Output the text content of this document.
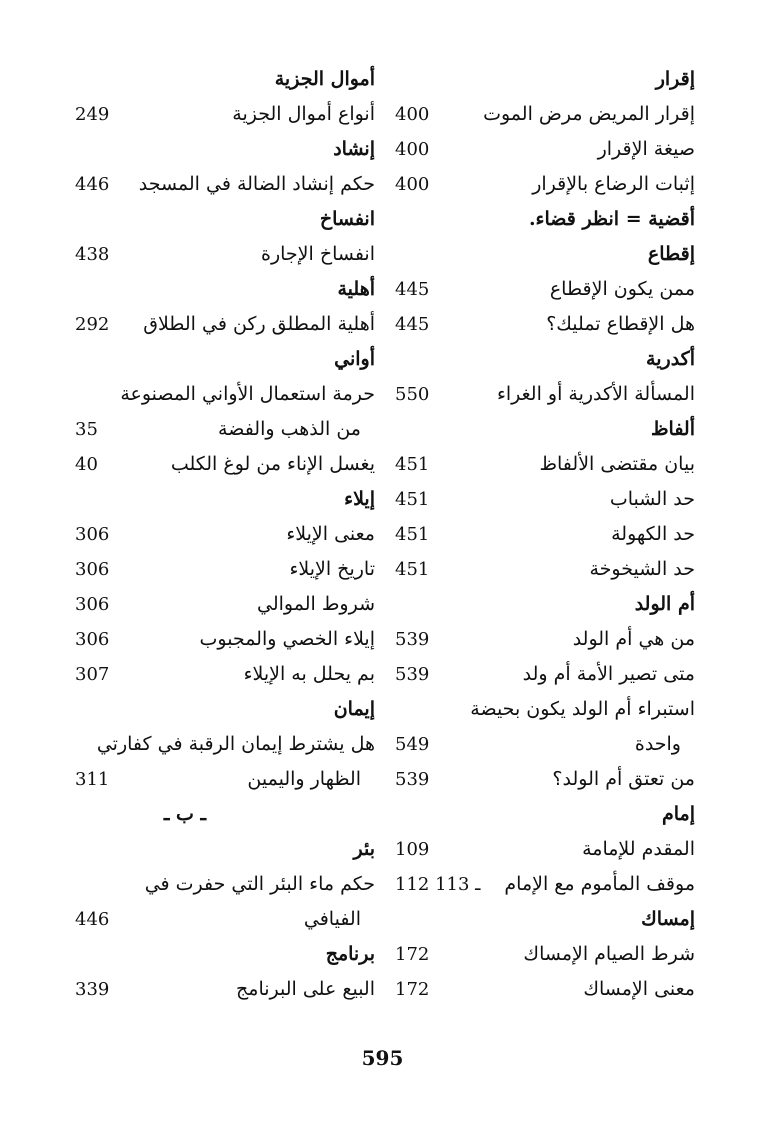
إقرار
إقرار المريض مرض الموت
400
صيغة الإقرار
400
إثبات الرضاع بالإقرار
400
أقضية = انظر قضاء.
إقطاع
ممن يكون الإقطاع
445
هل الإقطاع تمليك؟
445
أكدرية
المسألة الأكدرية أو الغراء
550
ألفاظ
بيان مقتضى الألفاظ
451
حد الشباب
451
حد الكهولة
451
حد الشيخوخة
451
أم الولد
من هي أم الولد
539
متى تصير الأمة أم ولد
539
استبراء أم الولد يكون بحيضة
واحدة
549
من تعتق أم الولد؟
539
إمام
المقدم للإمامة
109
موقف المأموم مع الإمام
112 ـ 113
إمساك
شرط الصيام الإمساك
172
معنى الإمساك
172
أموال الجزية
أنواع أموال الجزية
249
إنشاد
حكم إنشاد الضالة في المسجد
446
انفساخ
انفساخ الإجارة
438
أهلية
أهلية المطلق ركن في الطلاق
292
أواني
حرمة استعمال الأواني المصنوعة
من الذهب والفضة
35
يغسل الإناء من لوغ الكلب
40
إيلاء
معنى الإيلاء
306
تاريخ الإيلاء
306
شروط الموالي
306
إيلاء الخصي والمجبوب
306
بم يحلل به الإيلاء
307
إيمان
هل يشترط إيمان الرقبة في كفارتي
الظهار واليمين
311
ـ ب ـ
بئر
حكم ماء البئر التي حفرت في
الفيافي
446
برنامج
البيع على البرنامج
339
595
